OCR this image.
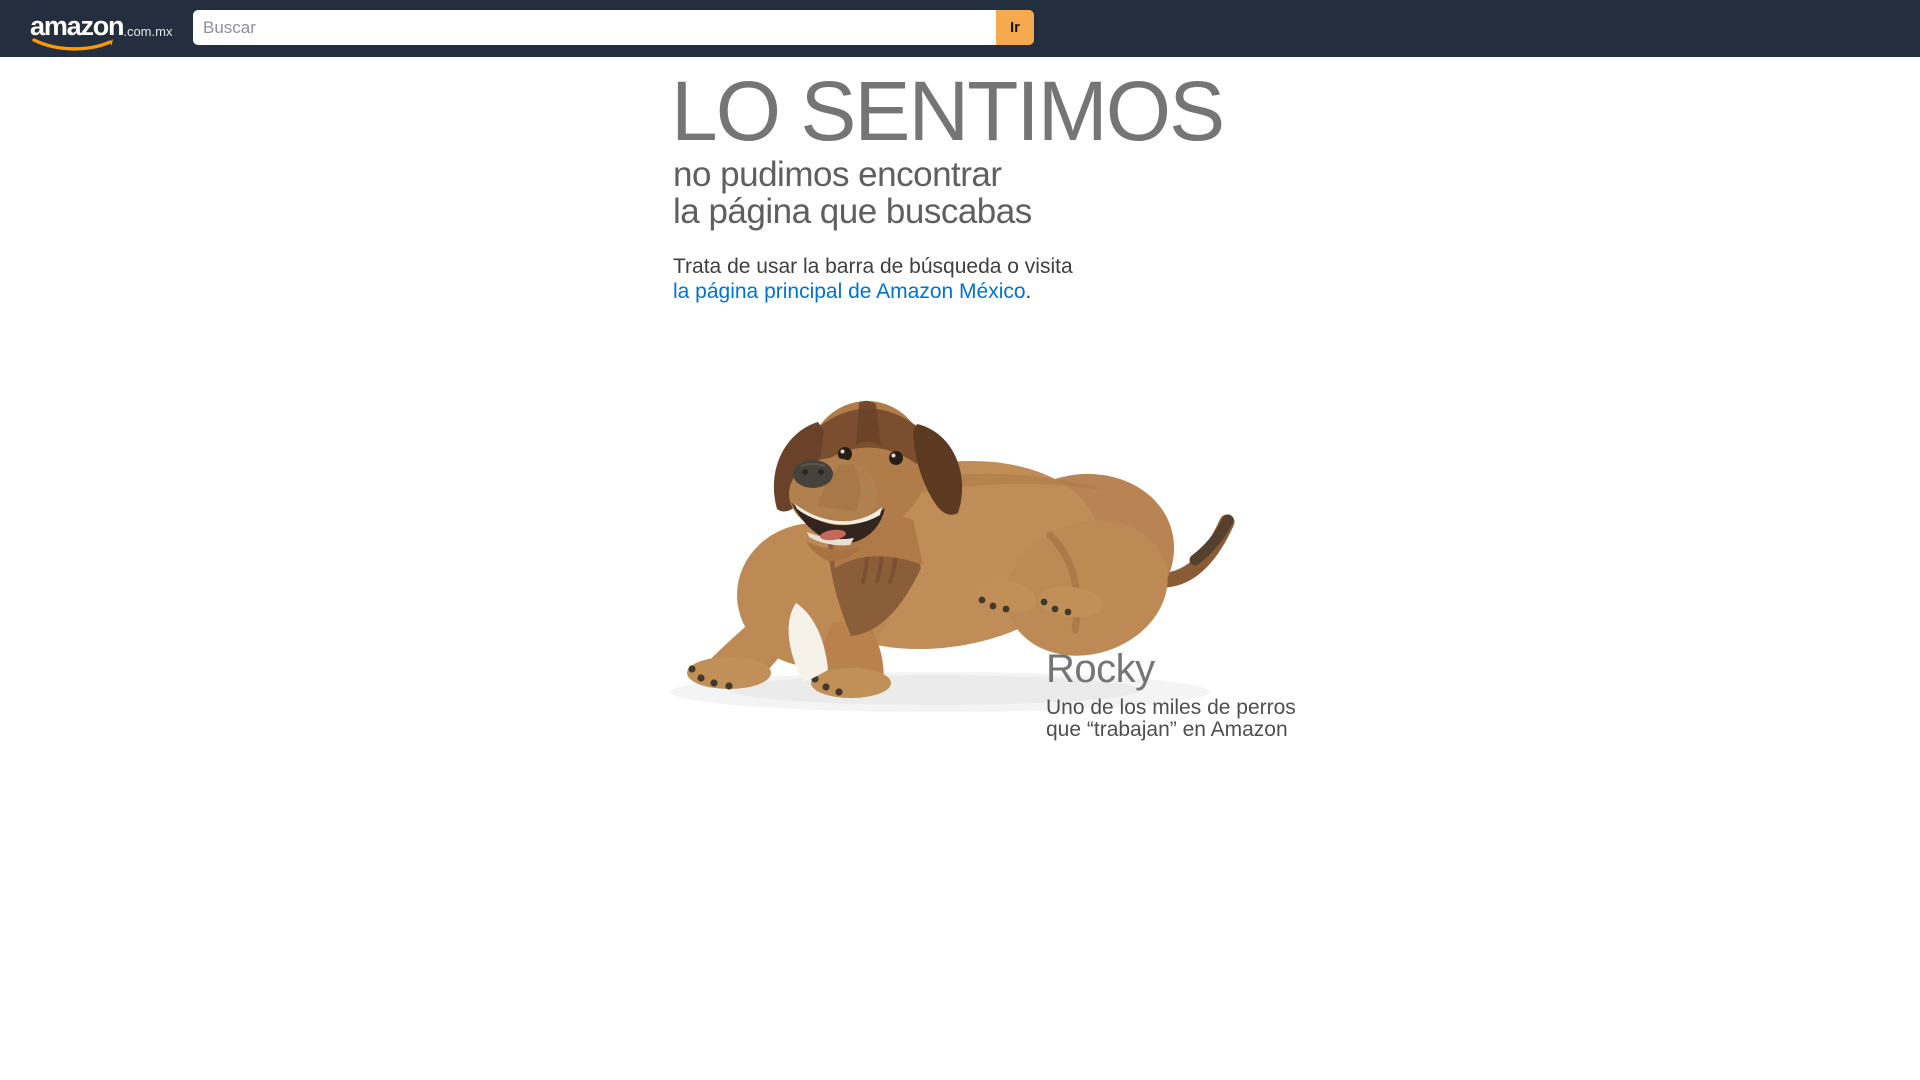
amazon .com.mx
Buscar	Ir
LO SENTIMOS

no pudimos encontrar
la página que buscabas

Trata de usar la barra de búsqueda o visita
la página principal de Amazon México.

Rocky
Uno de los miles de perros
que “trabajan” en Amazon
